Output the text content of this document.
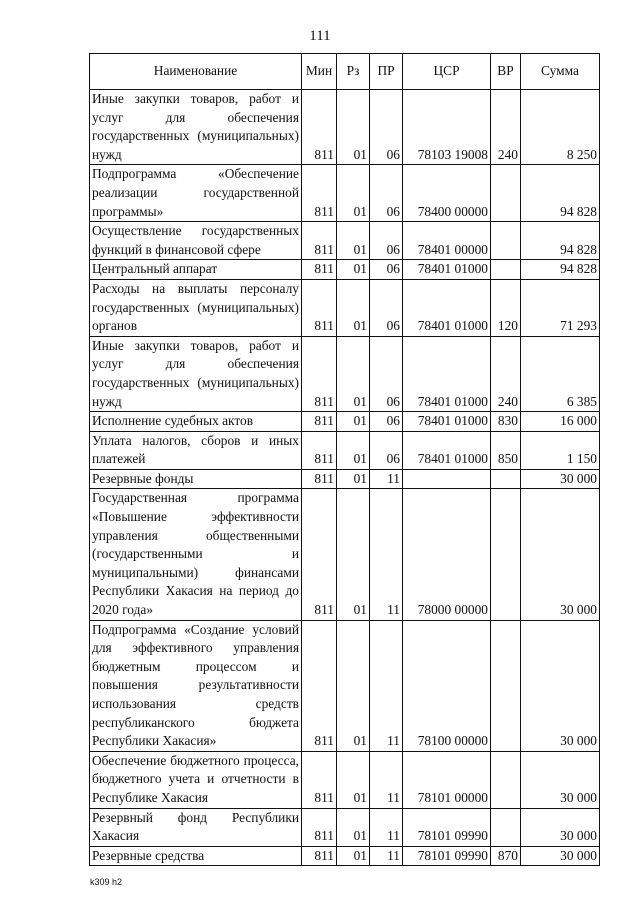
111
Наименование	Мин	Рз	ПР	ЦСР	ВР	Сумма
Иные закупки товаров, работ и услуг для обеспечения государственных (муниципальных) нужд	811	01	06	78103 19008	240	8 250
Подпрограмма «Обеспечение реализации государственной программы»	811	01	06	78400 00000		94 828
Осуществление государственных функций в финансовой сфере	811	01	06	78401 00000		94 828
Центральный аппарат	811	01	06	78401 01000		94 828
Расходы на выплаты персоналу государственных (муниципальных) органов	811	01	06	78401 01000	120	71 293
Иные закупки товаров, работ и услуг для обеспечения государственных (муниципальных) нужд	811	01	06	78401 01000	240	6 385
Исполнение судебных актов	811	01	06	78401 01000	830	16 000
Уплата налогов, сборов и иных платежей	811	01	06	78401 01000	850	1 150
Резервные фонды	811	01	11			30 000
Государственная программа «Повышение эффективности управления общественными (государственными и муниципальными) финансами Республики Хакасия на период до 2020 года»	811	01	11	78000 00000		30 000
Подпрограмма «Создание условий для эффективного управления бюджетным процессом и повышения результативности использования средств республиканского бюджета Республики Хакасия»	811	01	11	78100 00000		30 000
Обеспечение бюджетного процесса, бюджетного учета и отчетности в Республике Хакасия	811	01	11	78101 00000		30 000
Резервный фонд Республики Хакасия	811	01	11	78101 09990		30 000
Резервные средства	811	01	11	78101 09990	870	30 000
k309 h2
